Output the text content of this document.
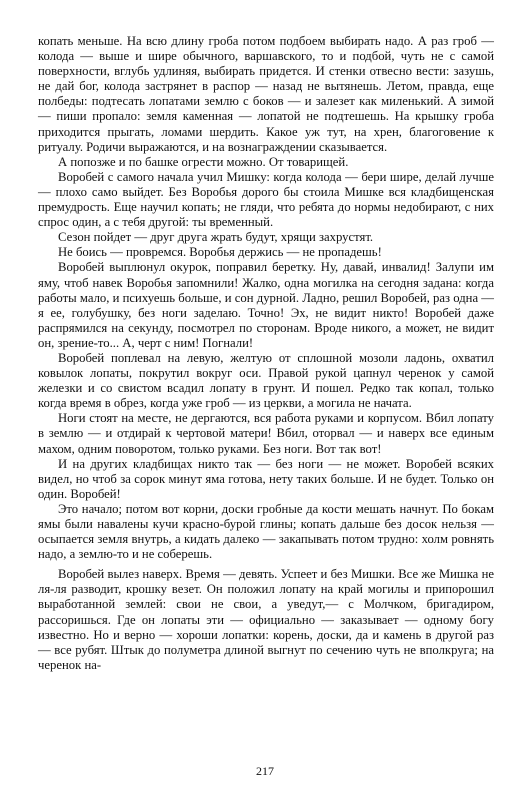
копать меньше. На всю длину гроба потом подбоем выбирать надо. А раз гроб — колода — выше и шире обычного, варшавского, то и подбой, чуть не с самой поверхности, вглубь удлиняя, выбирать придется. И стенки отвесно вести: зазушь, не дай бог, колода застрянет в распор — назад не вытянешь. Летом, правда, еще полбеды: подтесать лопатами землю с боков — и залезет как миленький. А зимой — пиши пропало: земля каменная — лопатой не подтешешь. На крышку гроба приходится прыгать, ломами шердить. Какое уж тут, на хрен, благоговение к ритуалу. Родичи выражаются, и на вознаграждении сказывается.

А попозже и по башке огрести можно. От товарищей.

Воробей с самого начала учил Мишку: когда колода — бери шире, делай лучше — плохо само выйдет. Без Воробья дорого бы стоила Мишке вся кладбищенская премудрость. Еще научил копать; не гляди, что ребята до нормы недобирают, с них спрос один, а с тебя другой: ты временный.

Сезон пойдет — друг друга жрать будут, хрящи захрустят.

Не боись — провремся. Воробья держись — не пропадешь!

Воробей выплюнул окурок, поправил беретку. Ну, давай, инвалид! Залупи им яму, чтоб навек Воробья запомнили! Жалко, одна могилка на сегодня задана: когда работы мало, и психуешь больше, и сон дурной. Ладно, решил Воробей, раз одна — я ее, голубушку, без ноги заделаю. Точно! Эх, не видит никто! Воробей даже распрямился на секунду, посмотрел по сторонам. Вроде никого, а может, не видит он, зрение-то... А, черт с ним! Погнали!

Воробей поплевал на левую, желтую от сплошной мозоли ладонь, охватил ковылок лопаты, покрутил вокруг оси. Правой рукой цапнул черенок у самой железки и со свистом всадил лопату в грунт. И пошел. Редко так копал, только когда время в обрез, когда уже гроб — из церкви, а могила не начата.

Ноги стоят на месте, не дергаются, вся работа руками и корпусом. Вбил лопату в землю — и отдирай к чертовой матери! Вбил, оторвал — и наверх все единым махом, одним поворотом, только руками. Без ноги. Вот так вот!

И на других кладбищах никто так — без ноги — не может. Воробей всяких видел, но чтоб за сорок минут яма готова, нету таких больше. И не будет. Только он один. Воробей!

Это начало; потом вот корни, доски гробные да кости мешать начнут. По бокам ямы были навалены кучи красно-бурой глины; копать дальше без досок нельзя — осыпается земля внутрь, а кидать далеко — закапывать потом трудно: холм ровнять надо, а землю-то и не соберешь.

Воробей вылез наверх. Время — девять. Успеет и без Мишки. Все же Мишка не ля-ля разводит, крошку везет. Он положил лопату на край могилы и припорошил выработанной землей: свои не свои, а уведут,— с Молчком, бригадиром, рассоришься. Где он лопаты эти — официально — заказывает — одному богу известно. Но и верно — хороши лопатки: корень, доски, да и камень в другой раз — все рубят. Штык до полуметра длиной выгнут по сечению чуть не вполкруга; на черенок на-

217
